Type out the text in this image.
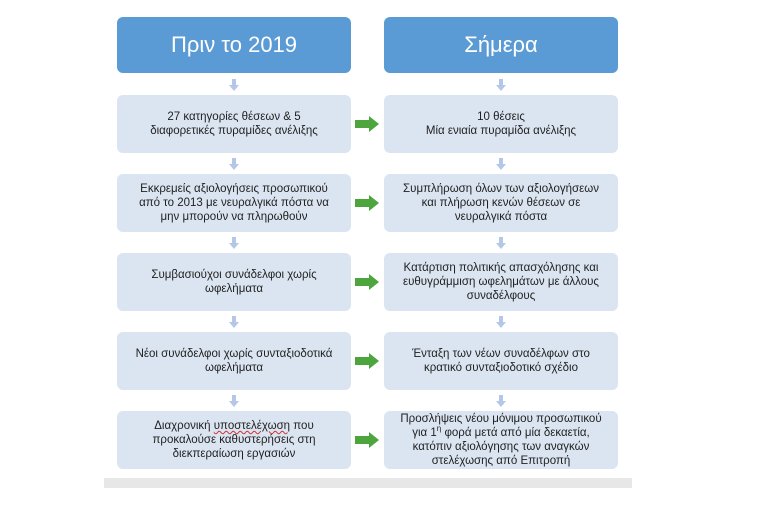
Πριν το 2019	Σήμερα
27 κατηγορίες θέσεων & 5
διαφορετικές πυραμίδες ανέλιξης
10 θέσεις
Μία ενιαία πυραμίδα ανέλιξης
Εκκρεμείς αξιολογήσεις προσωπικού
από το 2013 με νευραλγικά πόστα να
μην μπορούν να πληρωθούν
Συμπλήρωση όλων των αξιολογήσεων
και πλήρωση κενών θέσεων σε
νευραλγικά πόστα
Συμβασιούχοι συνάδελφοι χωρίς
ωφελήματα
Κατάρτιση πολιτικής απασχόλησης και
ευθυγράμμιση ωφελημάτων με άλλους
συναδέλφους
Νέοι συνάδελφοι χωρίς συνταξιοδοτικά
ωφελήματα
Ένταξη των νέων συναδέλφων στο
κρατικό συνταξιοδοτικό σχέδιο
Διαχρονική υποστελέχωση που
προκαλούσε καθυστερήσεις στη
διεκπεραίωση εργασιών
Προσλήψεις νέου μόνιμου προσωπικού
για $1^\eta$ φορά μετά από μία δεκαετία,
κατόπιν αξιολόγησης των αναγκών
στελέχωσης από Επιτροπή
